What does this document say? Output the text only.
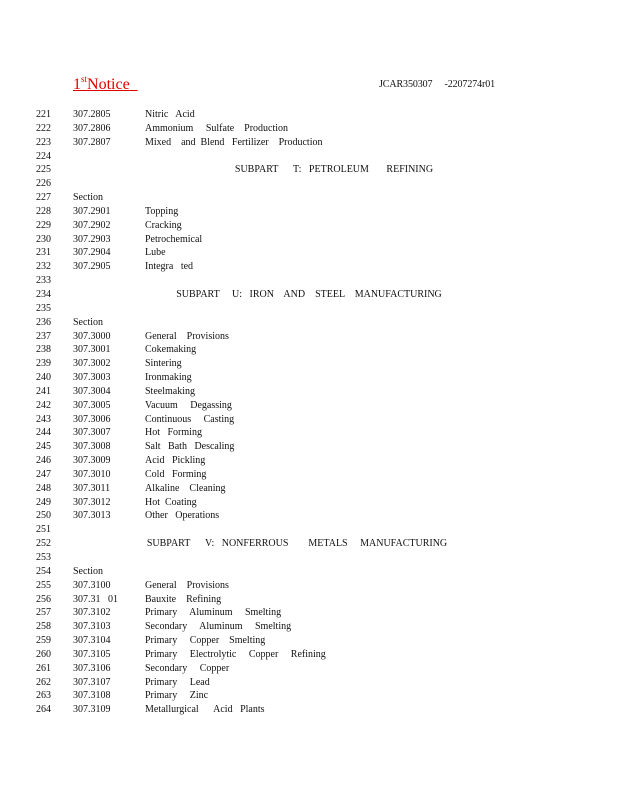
1stNotice	JCAR350307 -2207274r01
221	307.2805	Nitric   Acid
222	307.2806	Ammonium     Sulfate    Production
223	307.2807	Mixed    and  Blend   Fertilizer    Production
224
225	SUBPART      T:   PETROLEUM       REFINING
226
227	Section
228	307.2901	Topping
229	307.2902	Cracking
230	307.2903	Petrochemical
231	307.2904	Lube
232	307.2905	Integra   ted
233
234	SUBPART     U:   IRON    AND    STEEL    MANUFACTURING
235
236	Section
237	307.3000	General    Provisions
238	307.3001	Cokemaking
239	307.3002	Sintering
240	307.3003	Ironmaking
241	307.3004	Steelmaking
242	307.3005	Vacuum     Degassing
243	307.3006	Continuous     Casting
244	307.3007	Hot   Forming
245	307.3008	Salt   Bath   Descaling
246	307.3009	Acid   Pickling
247	307.3010	Cold   Forming
248	307.3011	Alkaline    Cleaning
249	307.3012	Hot  Coating
250	307.3013	Other   Operations
251
252	SUBPART      V:   NONFERROUS        METALS     MANUFACTURING
253
254	Section
255	307.3100	General    Provisions
256	307.31   01	Bauxite    Refining
257	307.3102	Primary     Aluminum     Smelting
258	307.3103	Secondary     Aluminum     Smelting
259	307.3104	Primary     Copper    Smelting
260	307.3105	Primary     Electrolytic     Copper     Refining
261	307.3106	Secondary     Copper
262	307.3107	Primary     Lead
263	307.3108	Primary     Zinc
264	307.3109	Metallurgical      Acid   Plants
